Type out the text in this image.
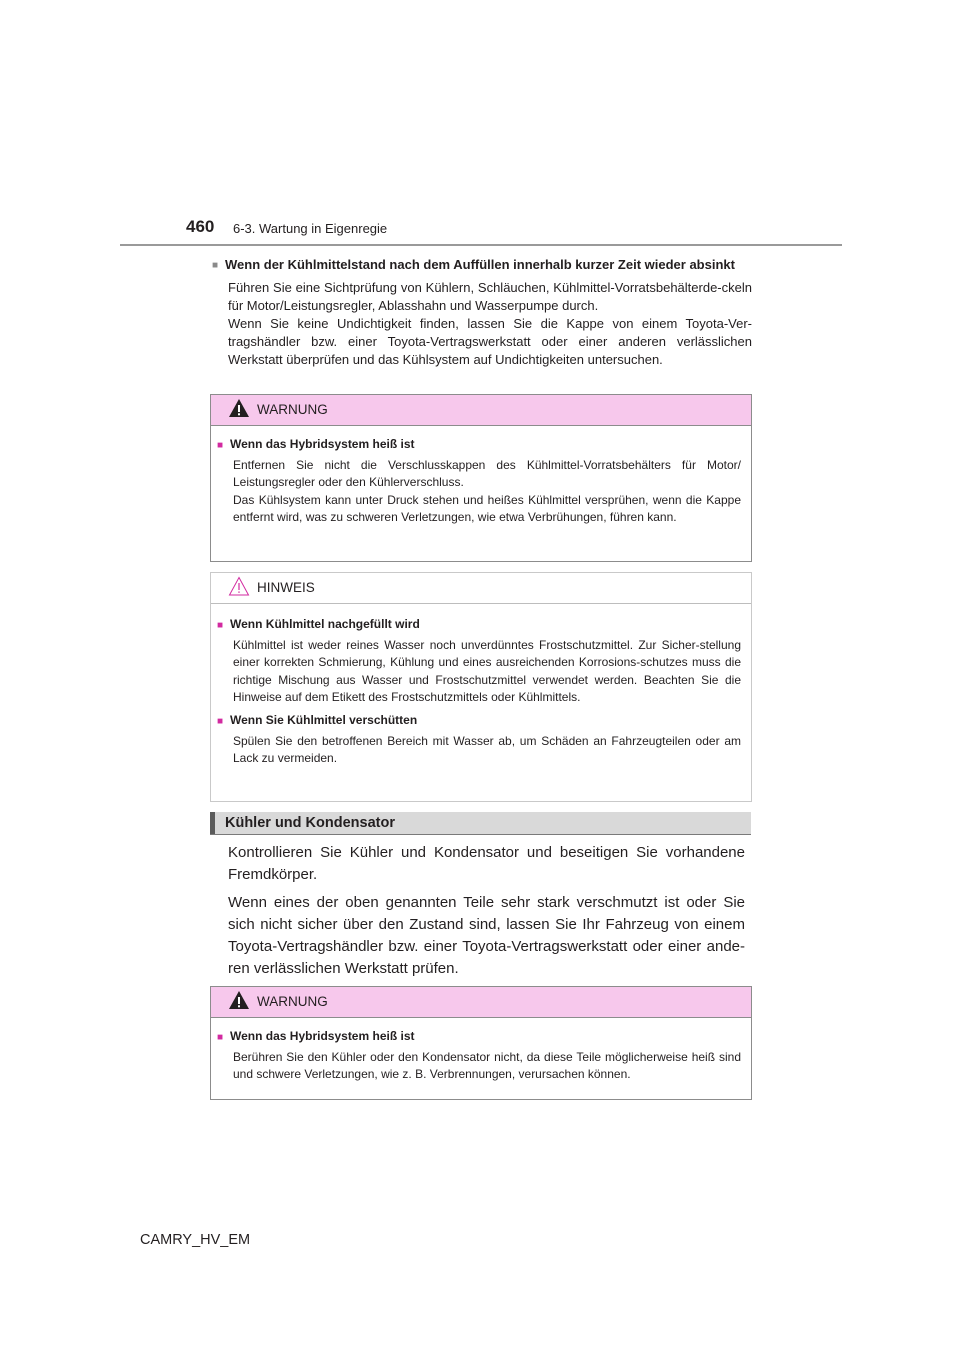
460 6-3. Wartung in Eigenregie
■ Wenn der Kühlmittelstand nach dem Auffüllen innerhalb kurzer Zeit wieder absinkt

Führen Sie eine Sichtprüfung von Kühlern, Schläuchen, Kühlmittel-Vorratsbehälterde-ckeln für Motor/Leistungsregler, Ablasshahn und Wasserpumpe durch.

Wenn Sie keine Undichtigkeit finden, lassen Sie die Kappe von einem Toyota-Ver-tragshändler bzw. einer Toyota-Vertragswerkstatt oder einer anderen verlässlichen Werkstatt überprüfen und das Kühlsystem auf Undichtigkeiten untersuchen.

WARNUNG
■ Wenn das Hybridsystem heiß ist

Entfernen Sie nicht die Verschlusskappen des Kühlmittel-Vorratsbehälters für Motor/ Leistungsregler oder den Kühlerverschluss.

Das Kühlsystem kann unter Druck stehen und heißes Kühlmittel versprühen, wenn die Kappe entfernt wird, was zu schweren Verletzungen, wie etwa Verbrühungen, führen kann.

HINWEIS
■ Wenn Kühlmittel nachgefüllt wird

Kühlmittel ist weder reines Wasser noch unverdünntes Frostschutzmittel. Zur Sicher-stellung einer korrekten Schmierung, Kühlung und eines ausreichenden Korrosions-schutzes muss die richtige Mischung aus Wasser und Frostschutzmittel verwendet werden. Beachten Sie die Hinweise auf dem Etikett des Frostschutzmittels oder Kühlmittels.

■ Wenn Sie Kühlmittel verschütten

Spülen Sie den betroffenen Bereich mit Wasser ab, um Schäden an Fahrzeugteilen oder am Lack zu vermeiden.

Kühler und Kondensator

Kontrollieren Sie Kühler und Kondensator und beseitigen Sie vorhandene Fremdkörper.

Wenn eines der oben genannten Teile sehr stark verschmutzt ist oder Sie sich nicht sicher über den Zustand sind, lassen Sie Ihr Fahrzeug von einem Toyota-Vertragshändler bzw. einer Toyota-Vertragswerkstatt oder einer ande-ren verlässlichen Werkstatt prüfen.

WARNUNG
■ Wenn das Hybridsystem heiß ist

Berühren Sie den Kühler oder den Kondensator nicht, da diese Teile möglicherweise heiß sind und schwere Verletzungen, wie z. B. Verbrennungen, verursachen können.

CAMRY_HV_EM
